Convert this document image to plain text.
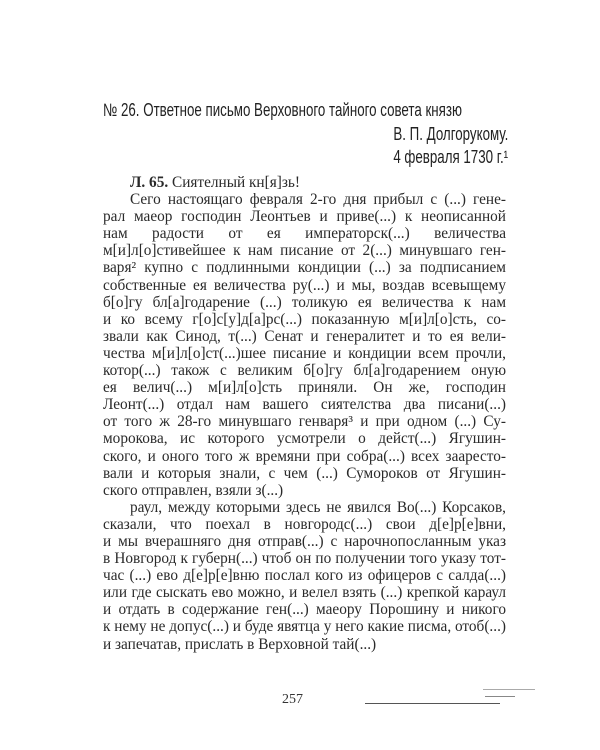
№ 26. Ответное письмо Верховного тайного совета князю
В. П. Долгорукому.
4 февраля 1730 г.¹
Л. 65. Сиятелный кн[я]зь!
Сего настоящаго февраля 2-го дня прибыл с (...) гене-
рал маеор господин Леонтьев и приве(...) к неописанной
нам радости от ея императорск(...) величества
м[и]л[о]стивейшее к нам писание от 2(...) минувшаго ген-
варя² купно с подлинными кондиции (...) за подписанием
собственные ея величества ру(...) и мы, воздав всевыщему
б[о]гу бл[а]годарение (...) толикую ея величества к нам
и ко всему г[о]с[у]д[а]рс(...) показанную м[и]л[о]сть, со-
звали как Синод, т(...) Сенат и генералитет и то ея вели-
чества м[и]л[о]ст(...)шее писание и кондиции всем прочли,
котор(...) також с великим б[о]гу бл[а]годарением оную
ея велич(...) м[и]л[о]сть приняли. Он же, господин
Леонт(...) отдал нам вашего сиятелства два писани(...)
от того ж 28-го минувшаго генваря³ и при одном (...) Су-
морокова, ис которого усмотрели о дейст(...) Ягушин-
ского, и оного того ж времяни при собра(...) всех заaресто-
вали и которыя знали, с чем (...) Сумороков от Ягушин-
ского отправлен, взяли з(...)
раул, между которыми здесь не явился Во(...) Корсаков,
сказали, что поехал в новгородс(...) свои д[е]р[е]вни,
и мы вчерашняго дня отправ(...) с нарочнопосланным указ
в Новгород к губерн(...) чтоб он по получении того указу тот-
час (...) ево д[е]р[е]вню послал кого из офицеров с салда(...)
или где сыскать ево можно, и велел взять (...) крепкой караул
и отдать в содержание ген(...) маеору Порошину и никого
к нему не допус(...) и буде явятца у него какие писма, отоб(...)
и запечатав, прислать в Верховной тай(...)
257
